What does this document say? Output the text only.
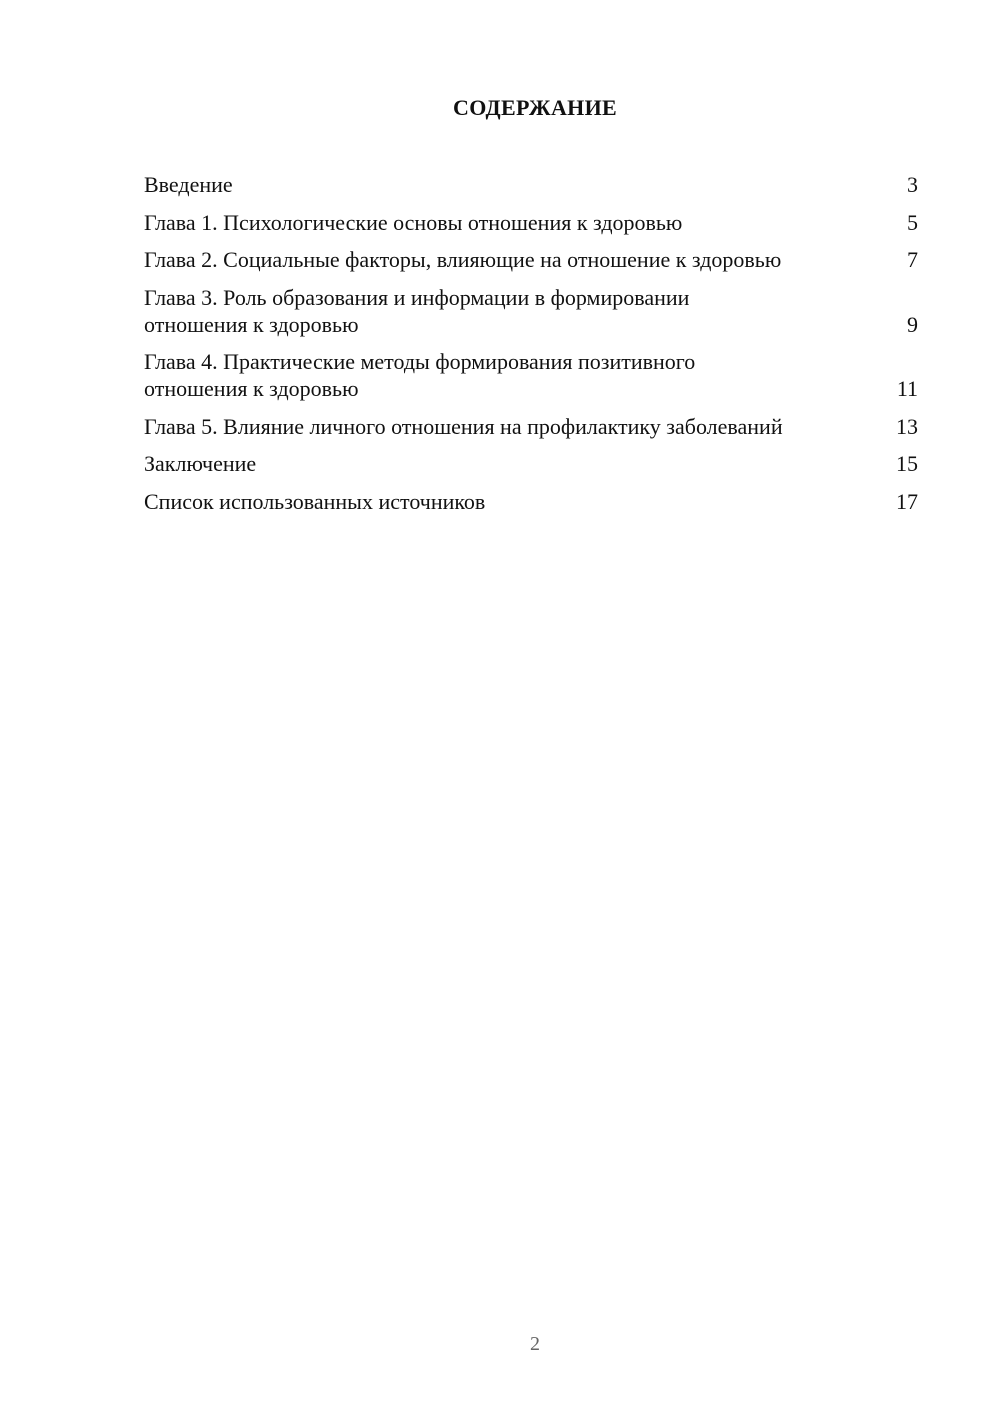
СОДЕРЖАНИЕ
Введение	3
Глава 1. Психологические основы отношения к здоровью	5
Глава 2. Социальные факторы, влияющие на отношение к здоровью	7
Глава 3. Роль образования и информации в формировании отношения к здоровью	9
Глава 4. Практические методы формирования позитивного отношения к здоровью	11
Глава 5. Влияние личного отношения на профилактику заболеваний	13
Заключение	15
Список использованных источников	17
2
